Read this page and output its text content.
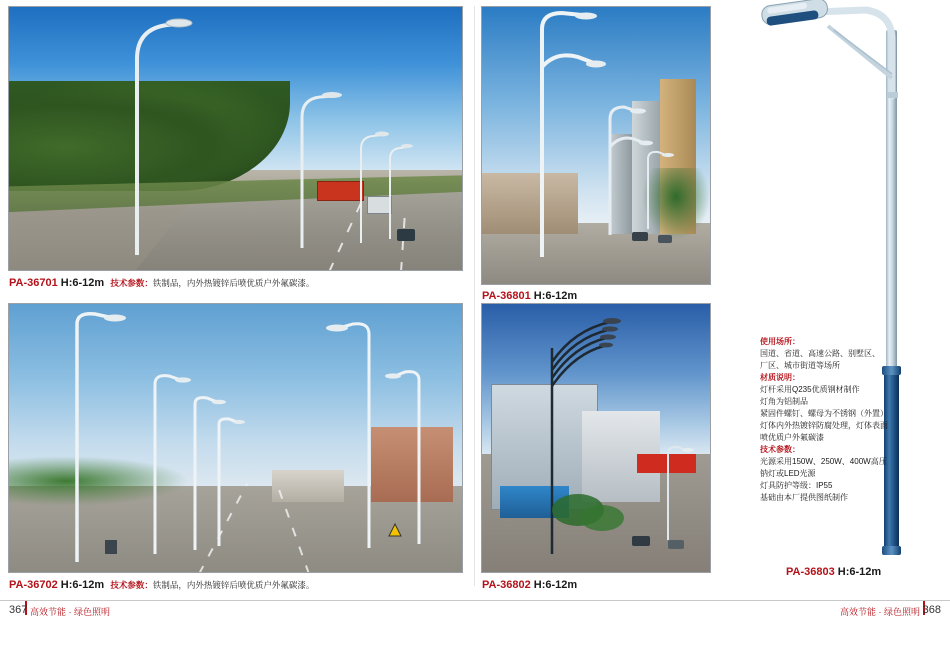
PA-36701 H:6-12m 技术参数：铁制品，内外热镀锌后喷优质户外氟碳漆。
PA-36801 H:6-12m
PA-36702 H:6-12m 技术参数：铁制品，内外热镀锌后喷优质户外氟碳漆。	PA-36802 H:6-12m
PA-36803 H:6-12m
使用场所：
国道、省道、高速公路、别墅区、
厂区、城市街道等场所
材质说明：
灯杆采用Q235优质钢材制作
灯角为铝制品
紧固件螺钉、螺母为不锈钢（外置）
灯体内外热镀锌防腐处理，灯体表面
喷优质户外氟碳漆
技术参数：
光源采用150W、250W、400W高压
钠灯或LED光源
灯具防护等级：IP55
基础由本厂提供图纸制作
367 高效节能 · 绿色照明	高效节能 · 绿色照明 368
